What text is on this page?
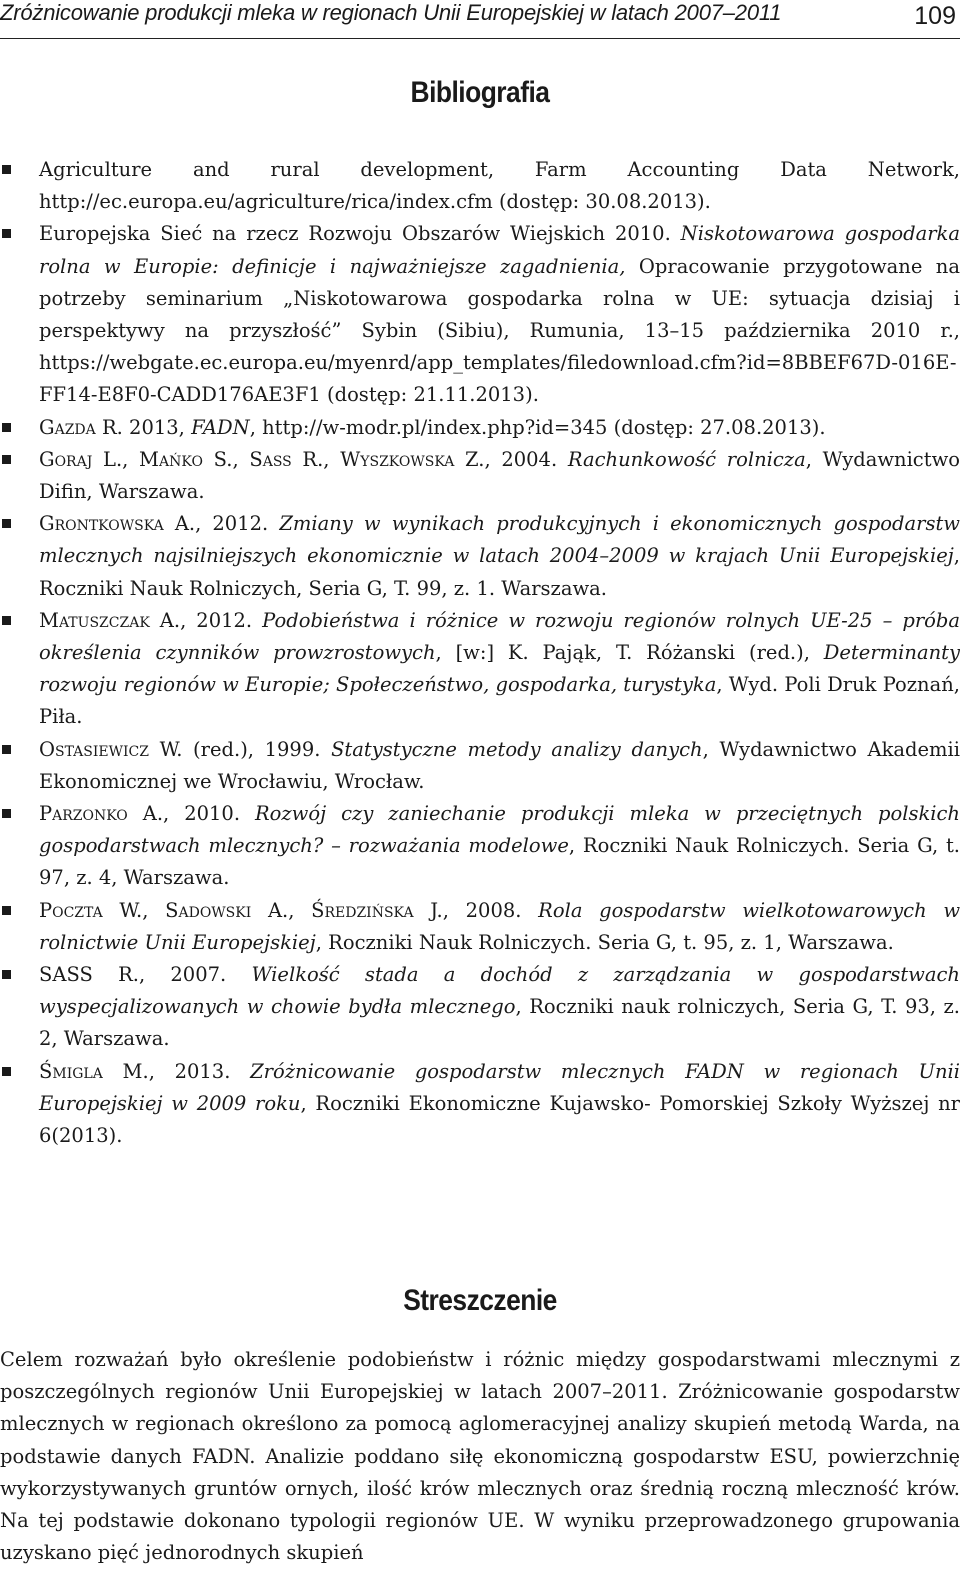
Zróżnicowanie produkcji mleka w regionach Unii Europejskiej w latach 2007–2011	109
Bibliografia
Agriculture and rural development, Farm Accounting Data Network, http://ec.europa.eu/agriculture/rica/index.cfm (dostęp: 30.08.2013).
Europejska Sieć na rzecz Rozwoju Obszarów Wiejskich 2010. Niskotowarowa gospodarka rolna w Europie: definicje i najważniejsze zagadnienia, Opracowanie przygotowane na potrzeby seminarium „Niskotowarowa gospodarka rolna w UE: sytuacja dzisiaj i perspektywy na przyszłość” Sybin (Sibiu), Rumunia, 13–15 października 2010 r., https://webgate.ec.europa.eu/myenrd/app_templates/filedownload.cfm?id=8BBEF67D-016E-FF14-E8F0-CADD176AE3F1 (dostęp: 21.11.2013).
Gazda R. 2013, FADN, http://w-modr.pl/index.php?id=345 (dostęp: 27.08.2013).
Goraj L., Mańko S., Sass R., Wyszkowska Z., 2004. Rachunkowość rolnicza, Wydawnictwo Difin, Warszawa.
Grontkowska A., 2012. Zmiany w wynikach produkcyjnych i ekonomicznych gospodarstw mlecznych najsilniejszych ekonomicznie w latach 2004–2009 w krajach Unii Europejskiej, Roczniki Nauk Rolniczych, Seria G, T. 99, z. 1. Warszawa.
Matuszczak A., 2012. Podobieństwa i różnice w rozwoju regionów rolnych UE-25 – próba określenia czynników prowzrostowych, [w:] K. Pająk, T. Różanski (red.), Determinanty rozwoju regionów w Europie; Społeczeństwo, gospodarka, turystyka, Wyd. Poli Druk Poznań, Piła.
Ostasiewicz W. (red.), 1999. Statystyczne metody analizy danych, Wydawnictwo Akademii Ekonomicznej we Wrocławiu, Wrocław.
Parzonko A., 2010. Rozwój czy zaniechanie produkcji mleka w przeciętnych polskich gospodarstwach mlecznych? – rozważania modelowe, Roczniki Nauk Rolniczych. Seria G, t. 97, z. 4, Warszawa.
Poczta W., Sadowski A., Średzińska J., 2008. Rola gospodarstw wielkotowarowych w rolnictwie Unii Europejskiej, Roczniki Nauk Rolniczych. Seria G, t. 95, z. 1, Warszawa.
SASS R., 2007. Wielkość stada a dochód z zarządzania w gospodarstwach wyspecjalizowanych w chowie bydła mlecznego, Roczniki nauk rolniczych, Seria G, T. 93, z. 2, Warszawa.
Śmigla M., 2013. Zróżnicowanie gospodarstw mlecznych FADN w regionach Unii Europejskiej w 2009 roku, Roczniki Ekonomiczne Kujawsko- Pomorskiej Szkoły Wyższej nr 6(2013).
Streszczenie

Celem rozważań było określenie podobieństw i różnic między gospodarstwami mlecznymi z poszczególnych regionów Unii Europejskiej w latach 2007–2011. Zróżnicowanie gospodarstw mlecznych w regionach określono za pomocą aglomeracyjnej analizy skupień metodą Warda, na podstawie danych FADN. Analizie poddano siłę ekonomiczną gospodarstw ESU, powierzchnię wykorzystywanych gruntów ornych, ilość krów mlecznych oraz średnią roczną mleczność krów. Na tej podstawie dokonano typologii regionów UE. W wyniku przeprowadzonego grupowania uzyskano pięć jednorodnych skupień
